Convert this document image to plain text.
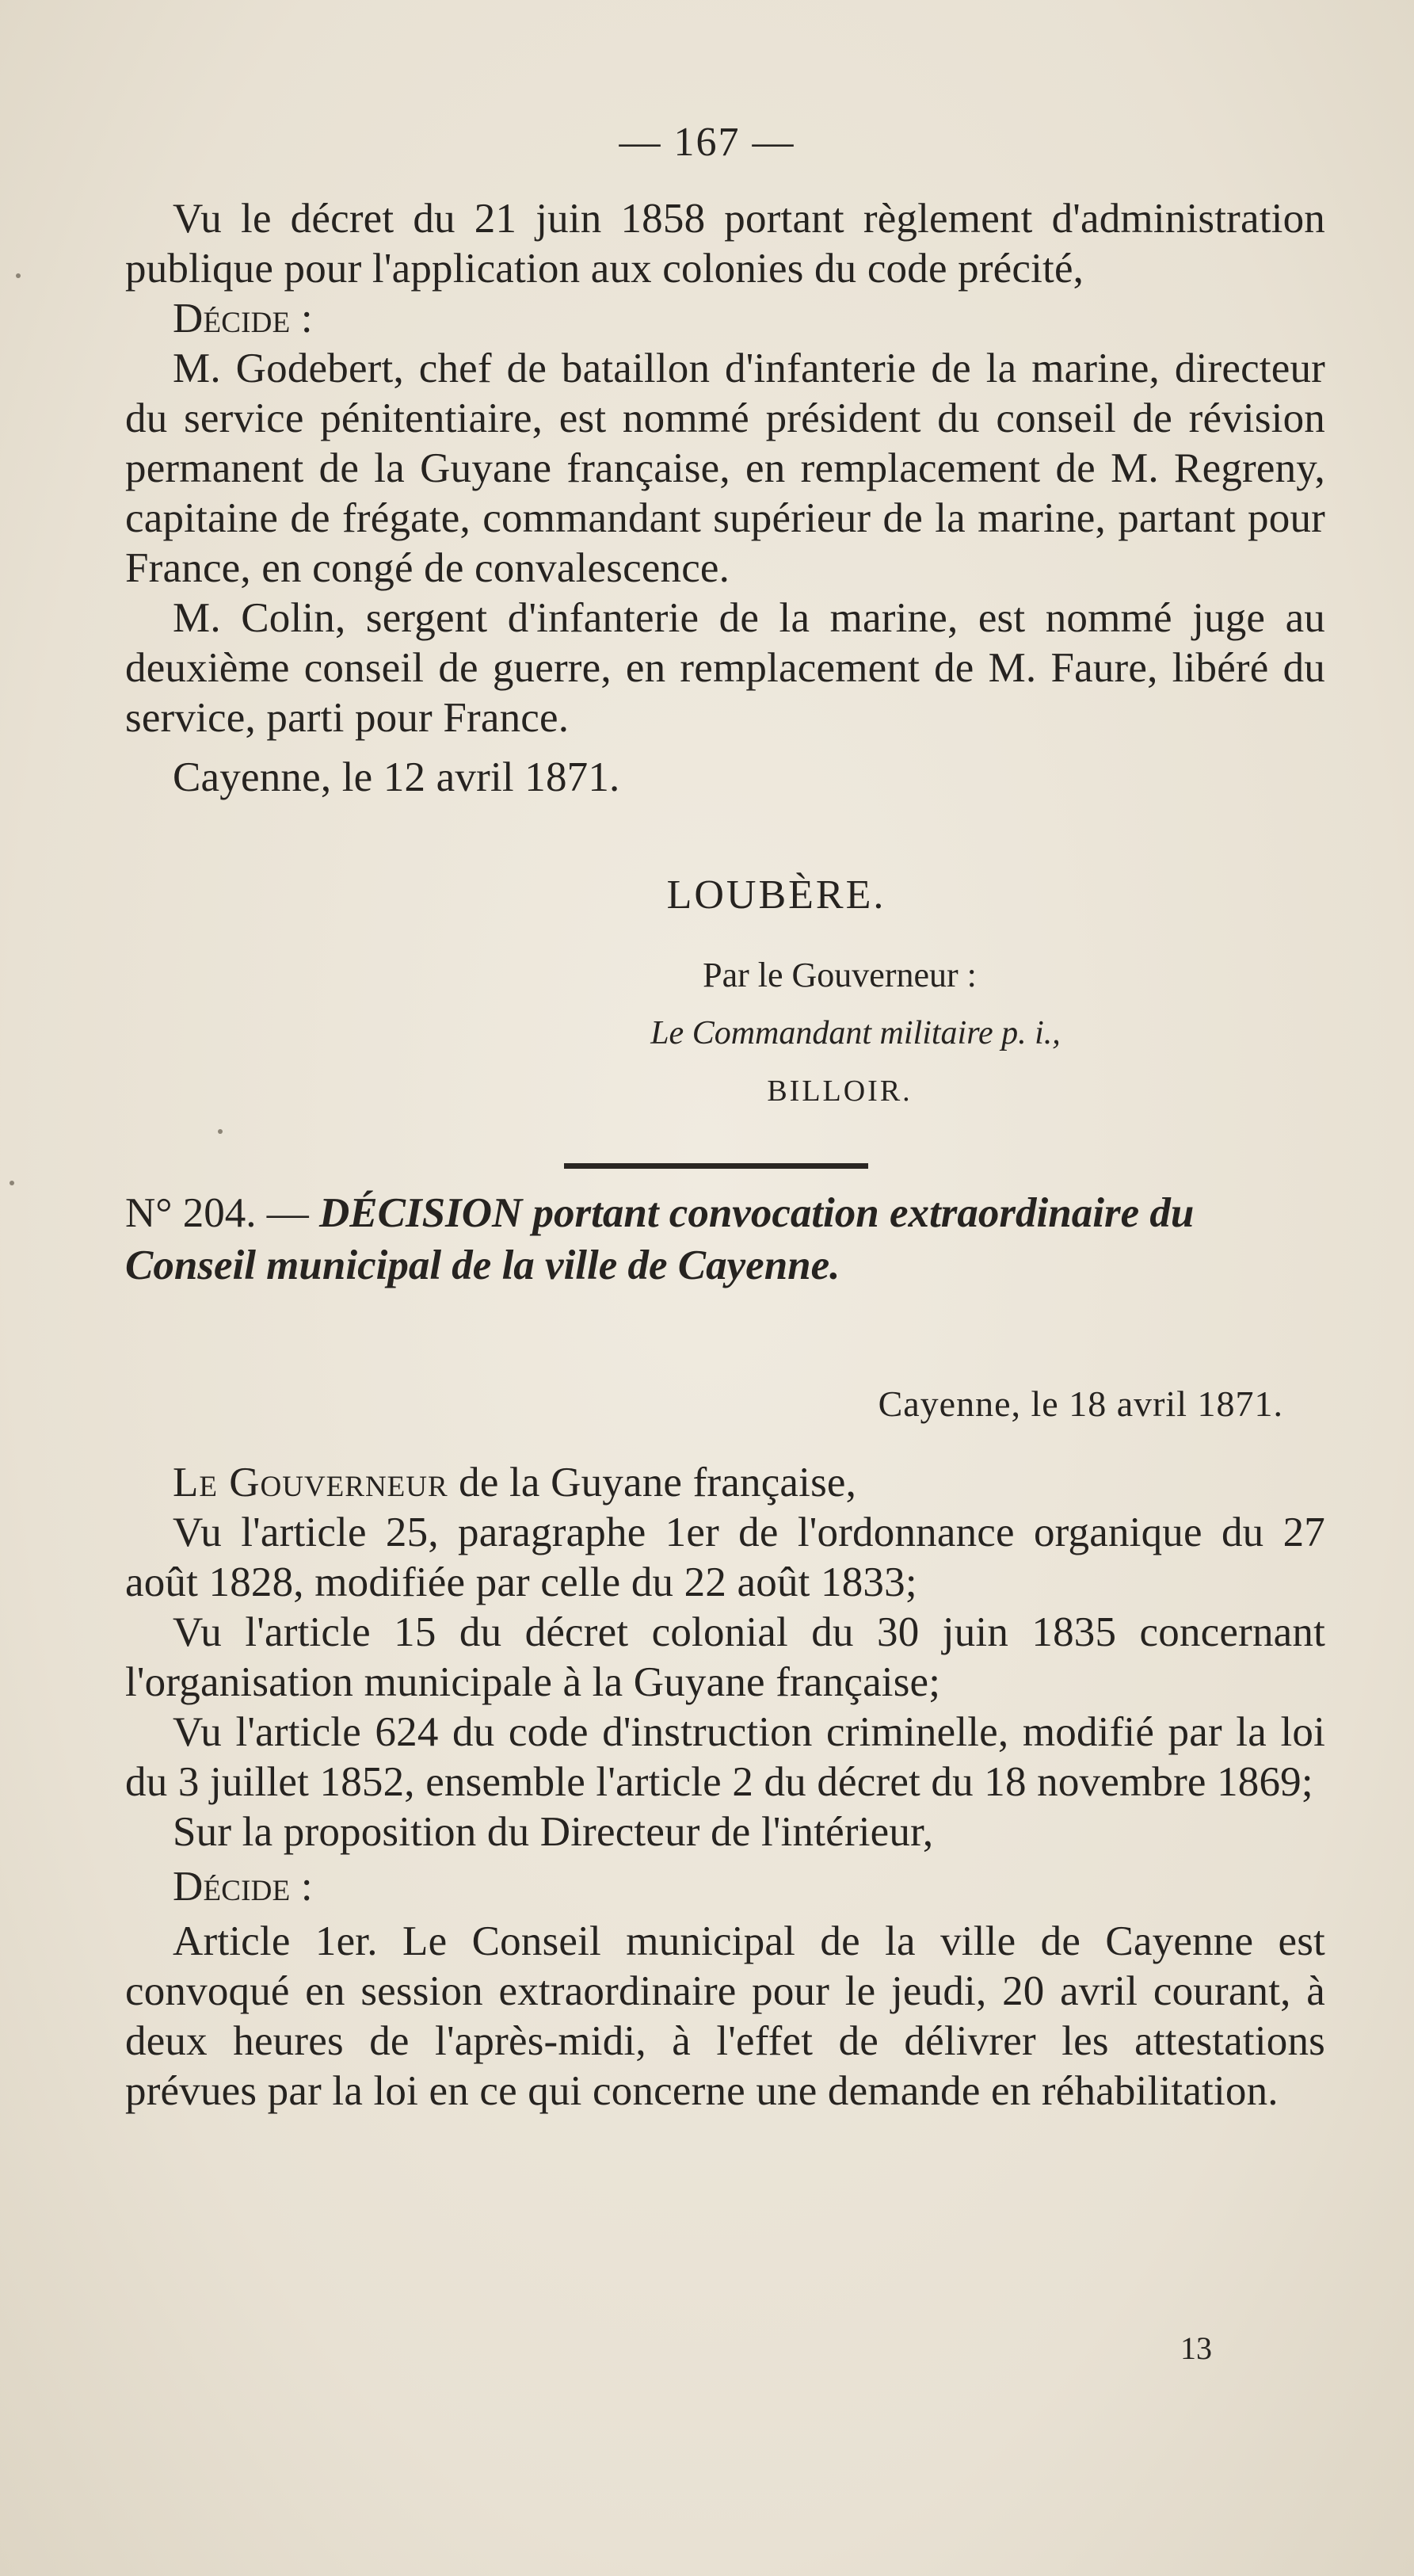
— 167 —

Vu le décret du 21 juin 1858 portant règlement d'administration publique pour l'application aux colonies du code précité,

Décide :

M. Godebert, chef de bataillon d'infanterie de la marine, directeur du service pénitentiaire, est nommé président du conseil de révision permanent de la Guyane française, en remplacement de M. Regreny, capitaine de frégate, commandant supérieur de la marine, partant pour France, en congé de convalescence.

M. Colin, sergent d'infanterie de la marine, est nommé juge au deuxième conseil de guerre, en remplacement de M. Faure, libéré du service, parti pour France.

Cayenne, le 12 avril 1871.

LOUBÈRE.
Par le Gouverneur :
Le Commandant militaire p. i.,
BILLOIR.
N° 204. — DÉCISION portant convocation extraordinaire du Conseil municipal de la ville de Cayenne.
Cayenne, le 18 avril 1871.

Le Gouverneur de la Guyane française,

Vu l'article 25, paragraphe 1er de l'ordonnance organique du 27 août 1828, modifiée par celle du 22 août 1833;

Vu l'article 15 du décret colonial du 30 juin 1835 concernant l'organisation municipale à la Guyane française;

Vu l'article 624 du code d'instruction criminelle, modifié par la loi du 3 juillet 1852, ensemble l'article 2 du décret du 18 novembre 1869;

Sur la proposition du Directeur de l'intérieur,

Décide :

Article 1er. Le Conseil municipal de la ville de Cayenne est convoqué en session extraordinaire pour le jeudi, 20 avril courant, à deux heures de l'après-midi, à l'effet de délivrer les attestations prévues par la loi en ce qui concerne une demande en réhabilitation.

13
